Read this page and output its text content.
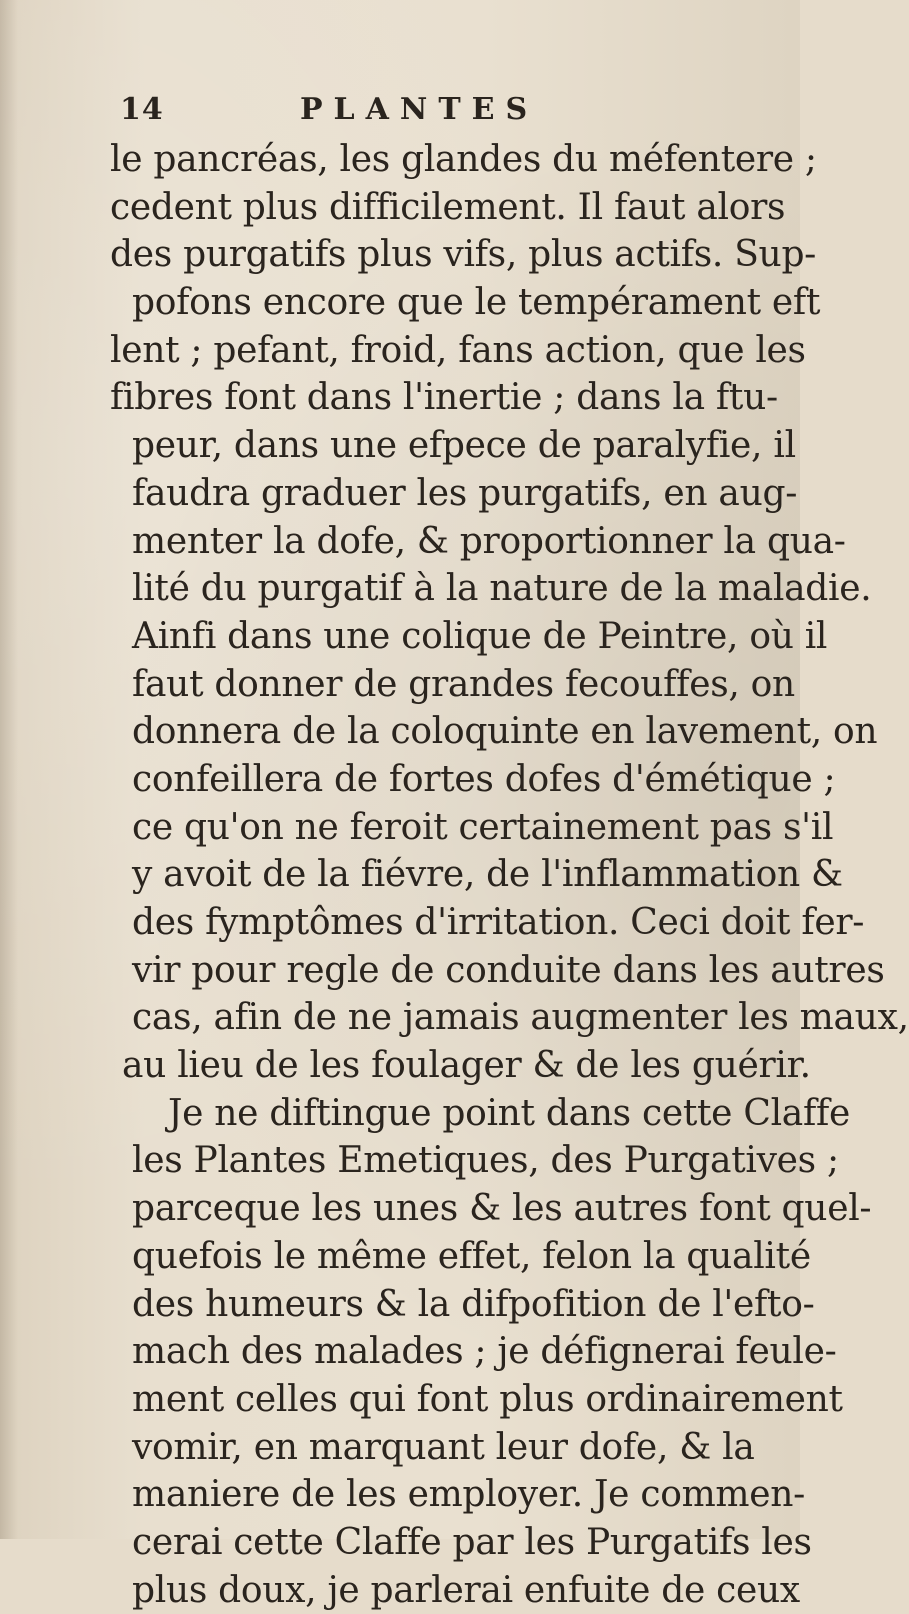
14	PLANTES
le pancréas, les glandes du méfentere ;
cedent plus difficilement. Il faut alors
des purgatifs plus vifs, plus actifs. Sup-
pofons encore que le tempérament eft
lent ; pefant, froid, fans action, que les
fibres font dans l'inertie ; dans la ftu-
peur, dans une efpece de paralyfie, il
faudra graduer les purgatifs, en aug-
menter la dofe, & proportionner la qua-
lité du purgatif à la nature de la maladie.
Ainfi dans une colique de Peintre, où il
faut donner de grandes fecouffes, on
donnera de la coloquinte en lavement, on
confeillera de fortes dofes d'émétique ;
ce qu'on ne feroit certainement pas s'il
y avoit de la fiévre, de l'inflammation &
des fymptômes d'irritation. Ceci doit fer-
vir pour regle de conduite dans les autres
cas, afin de ne jamais augmenter les maux,
au lieu de les foulager & de les guérir.
Je ne diftingue point dans cette Claffe
les Plantes Emetiques, des Purgatives ;
parceque les unes & les autres font quel-
quefois le même effet, felon la qualité
des humeurs & la difpofition de l'efto-
mach des malades ; je défignerai feule-
ment celles qui font plus ordinairement
vomir, en marquant leur dofe, & la
maniere de les employer. Je commen-
cerai cette Claffe par les Purgatifs les
plus doux, je parlerai enfuite de ceux
